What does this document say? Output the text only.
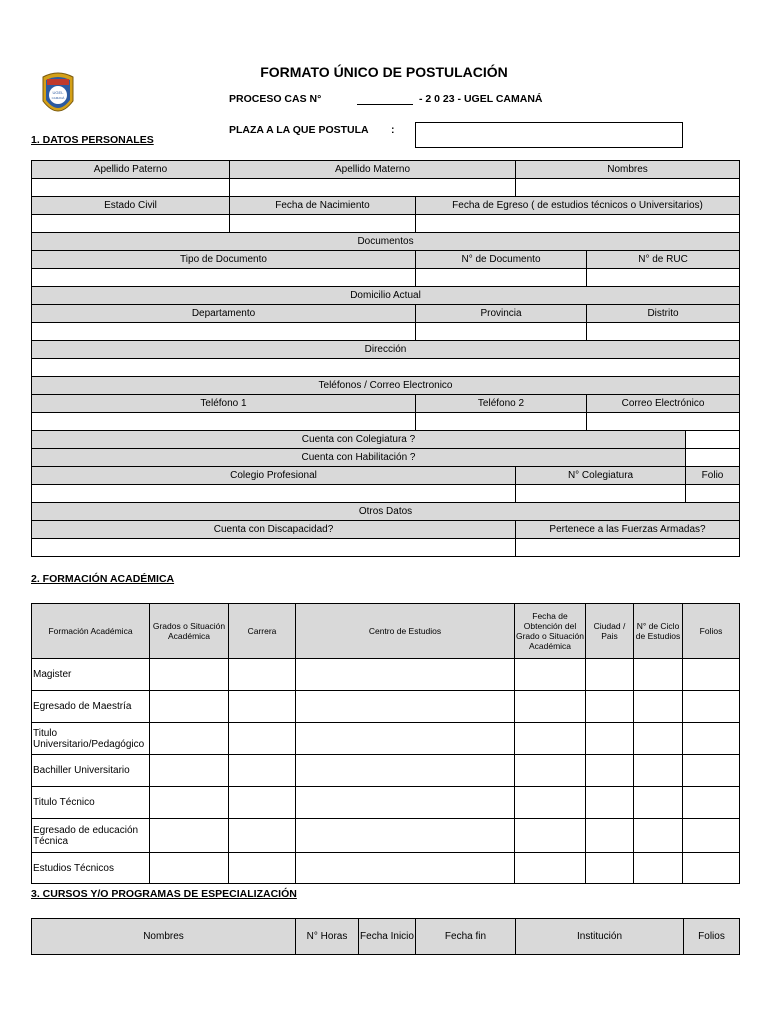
UGEL
CAMANÁ
FORMATO ÚNICO DE POSTULACIÓN
PROCESO CAS N°	- 2 0 23 - UGEL CAMANÁ
PLAZA A LA QUE POSTULA :
1. DATOS PERSONALES
Apellido Paterno	Apellido Materno		Nombres		

Estado Civil	Fecha de Nacimiento	Fecha de Egreso ( de estudios técnicos o Universitarios)			

Documentos					
Tipo de Documento		N° de Documento		N° de RUC	

Domicilio Actual					
Departamento		Provincia		Distrito	

Dirección					

Teléfonos / Correo Electronico					
Teléfono 1		Teléfono 2		Correo Electrónico	

Cuenta con Colegiatura ?					
Cuenta con Habilitación ?					
Colegio Profesional			N° Colegiatura		Folio

Otros Datos					
Cuenta con Discapacidad?			Pertenece a las Fuerzas Armadas?		

2. FORMACIÓN ACADÉMICA
Formación Académica	Grados o Situación Académica	Carrera	Centro de Estudios	Fecha de Obtención del Grado o Situación Académica	Ciudad / Pais	N° de Ciclo de Estudios	Folios
Magister							
Egresado de Maestría							
Titulo Universitario/Pedagógico							
Bachiller Universitario							
Titulo Técnico							
Egresado de educación Técnica							
Estudios Técnicos							
3. CURSOS Y/O PROGRAMAS DE ESPECIALIZACIÓN
Nombres	N° Horas	Fecha Inicio	Fecha fin	Institución	Folios
